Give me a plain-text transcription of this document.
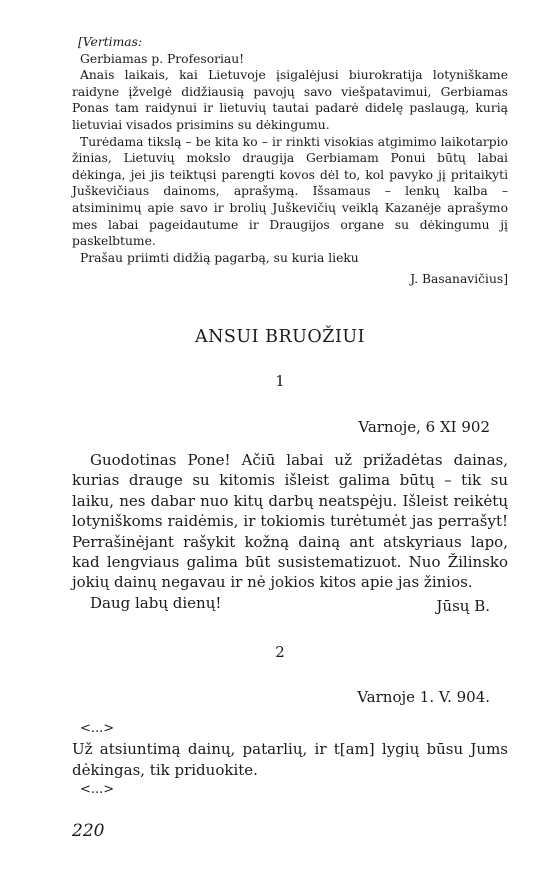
[Vertimas:

Gerbiamas p. Profesoriau!

Anais laikais, kai Lietuvoje įsigalėjusi biurokratija lotyniškame raidyne įžvelgė didžiausią pavojų savo viešpatavimui, Gerbiamas Ponas tam raidynui ir lietuvių tautai padarė didelę paslaugą, kurią lietuviai visados prisimins su dėkingumu.

Turėdama tikslą – be kita ko – ir rinkti visokias atgimimo laikotarpio žinias, Lietuvių mokslo draugija Gerbiamam Ponui būtų labai dėkinga, jei jis teiktųsi parengti kovos dėl to, kol pavyko jį pritaikyti Juškevičiaus dainoms, aprašymą. Išsamaus – lenkų kalba – atsiminimų apie savo ir brolių Juškevičių veiklą Kazanėje aprašymo mes labai pageidautume ir Draugijos organe su dėkingumu jį paskelbtume.

Prašau priimti didžią pagarbą, su kuria lieku

J. Basanavičius]

ANSUI BRUOŽIUI
1
Varnoje, 6 XI 902

Guodotinas Pone! Ačiū labai už prižadėtas dainas, kurias drauge su kitomis išleist galima būtų – tik su laiku, nes dabar nuo kitų darbų neatspėju. Išleist reikėtų lotyniškoms raidėmis, ir tokiomis turėtumėt jas perrašyt! Perrašinėjant rašykit kožną dainą ant atskyriaus lapo, kad lengviaus galima būt susistematizuot. Nuo Žilinsko jokių dainų negavau ir nė jokios kitos apie jas žinios.

Daug labų dienų!	Jūsų B.
2
Varnoje 1. V. 904.

<...>

Už atsiuntimą dainų, patarlių, ir t[am] lygių būsu Jums dėkingas, tik priduokite.

<...>

220
